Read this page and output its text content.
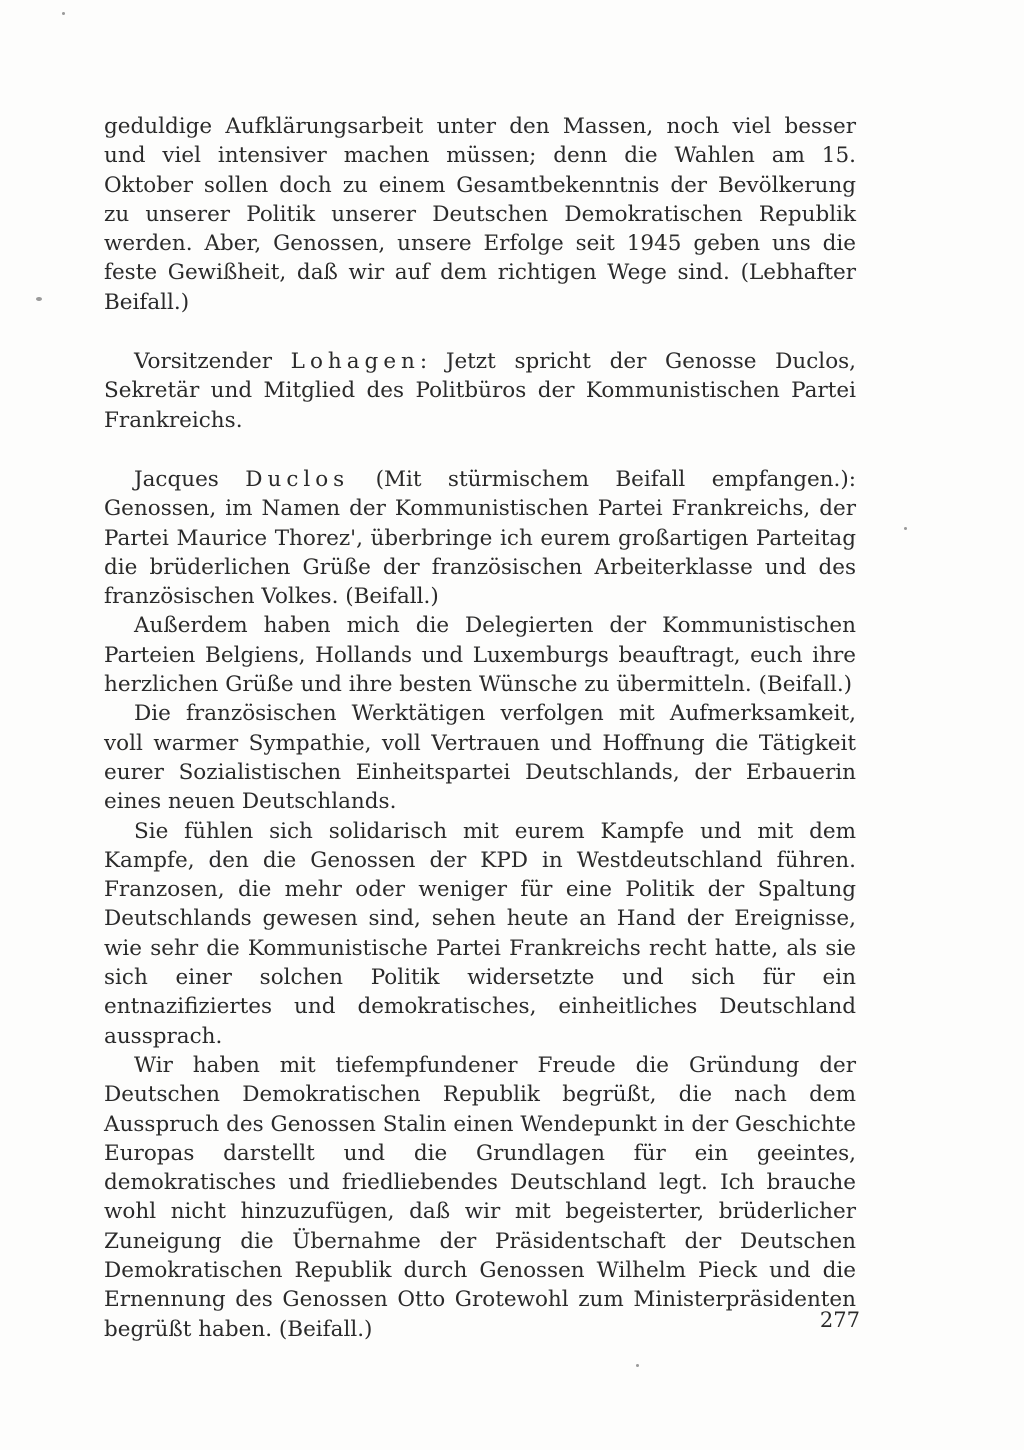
geduldige Aufklärungsarbeit unter den Massen, noch viel besser und viel intensiver machen müssen; denn die Wahlen am 15. Oktober sollen doch zu einem Gesamtbekenntnis der Bevölkerung zu unserer Politik unserer Deutschen Demokratischen Republik werden. Aber, Genossen, unsere Erfolge seit 1945 geben uns die feste Gewißheit, daß wir auf dem richtigen Wege sind. (Lebhafter Beifall.)

Vorsitzender Lohagen: Jetzt spricht der Genosse Duclos, Sekretär und Mitglied des Politbüros der Kommunistischen Partei Frankreichs.

Jacques Duclos (Mit stürmischem Beifall empfangen.): Genossen, im Namen der Kommunistischen Partei Frankreichs, der Partei Maurice Thorez', überbringe ich eurem großartigen Parteitag die brüderlichen Grüße der französischen Arbeiterklasse und des französischen Volkes. (Beifall.)

Außerdem haben mich die Delegierten der Kommunistischen Parteien Belgiens, Hollands und Luxemburgs beauftragt, euch ihre herzlichen Grüße und ihre besten Wünsche zu übermitteln. (Beifall.)

Die französischen Werktätigen verfolgen mit Aufmerksamkeit, voll warmer Sympathie, voll Vertrauen und Hoffnung die Tätigkeit eurer Sozialistischen Einheitspartei Deutschlands, der Erbauerin eines neuen Deutschlands.

Sie fühlen sich solidarisch mit eurem Kampfe und mit dem Kampfe, den die Genossen der KPD in Westdeutschland führen. Franzosen, die mehr oder weniger für eine Politik der Spaltung Deutschlands gewesen sind, sehen heute an Hand der Ereignisse, wie sehr die Kommunistische Partei Frankreichs recht hatte, als sie sich einer solchen Politik widersetzte und sich für ein entnazifiziertes und demokratisches, einheitliches Deutschland aussprach.

Wir haben mit tiefempfundener Freude die Gründung der Deutschen Demokratischen Republik begrüßt, die nach dem Ausspruch des Genossen Stalin einen Wendepunkt in der Geschichte Europas darstellt und die Grundlagen für ein geeintes, demokratisches und friedliebendes Deutschland legt. Ich brauche wohl nicht hinzuzufügen, daß wir mit begeisterter, brüderlicher Zuneigung die Übernahme der Präsidentschaft der Deutschen Demokratischen Republik durch Genossen Wilhelm Pieck und die Ernennung des Genossen Otto Grotewohl zum Ministerpräsidenten begrüßt haben. (Beifall.)	277
